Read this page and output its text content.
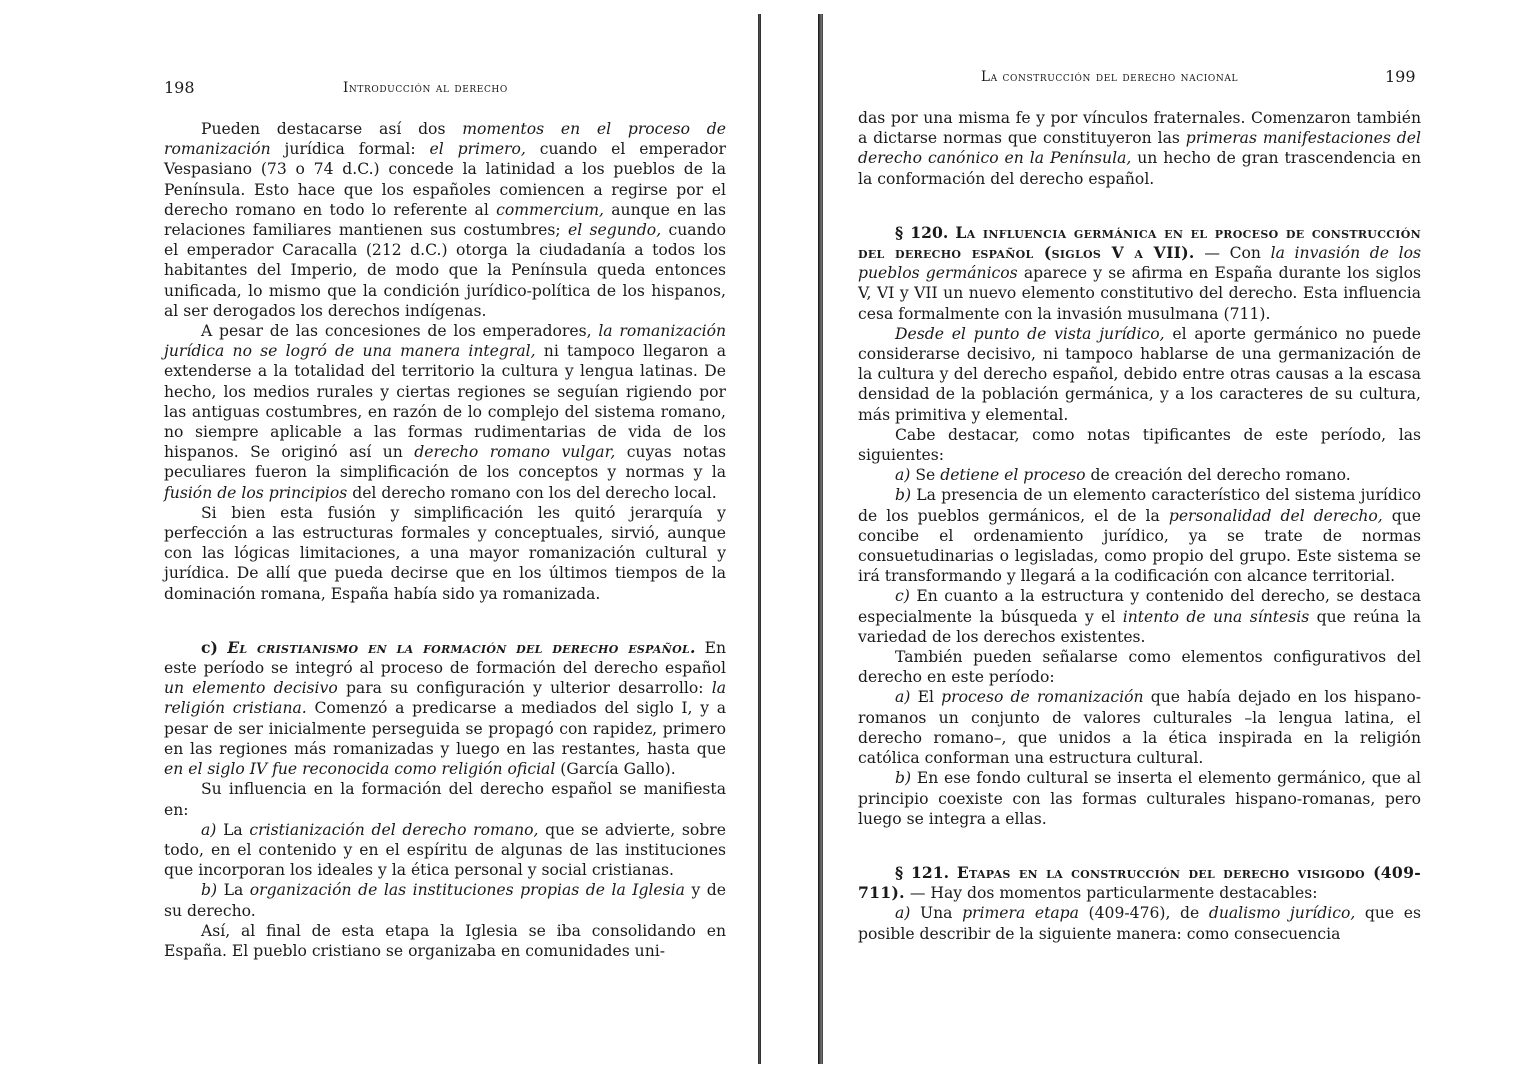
198	Introducción al derecho

Pueden destacarse así dos momentos en el proceso de romanización jurídica formal: el primero, cuando el emperador Vespasiano (73 o 74 d.C.) concede la latinidad a los pueblos de la Península. Esto hace que los españoles comiencen a regirse por el derecho romano en todo lo referente al commercium, aunque en las relaciones familiares mantienen sus costumbres; el segundo, cuando el emperador Caracalla (212 d.C.) otorga la ciudadanía a todos los habitantes del Imperio, de modo que la Península queda entonces unificada, lo mismo que la condición jurídico-política de los hispanos, al ser derogados los derechos indígenas.

A pesar de las concesiones de los emperadores, la romanización jurídica no se logró de una manera integral, ni tampoco llegaron a extenderse a la totalidad del territorio la cultura y lengua latinas. De hecho, los medios rurales y ciertas regiones se seguían rigiendo por las antiguas costumbres, en razón de lo complejo del sistema romano, no siempre aplicable a las formas rudimentarias de vida de los hispanos. Se originó así un derecho romano vulgar, cuyas notas peculiares fueron la simplificación de los conceptos y normas y la fusión de los principios del derecho romano con los del derecho local.

Si bien esta fusión y simplificación les quitó jerarquía y perfección a las estructuras formales y conceptuales, sirvió, aunque con las lógicas limitaciones, a una mayor romanización cultural y jurídica. De allí que pueda decirse que en los últimos tiempos de la dominación romana, España había sido ya romanizada.

c) El cristianismo en la formación del derecho español. En este período se integró al proceso de formación del derecho español un elemento decisivo para su configuración y ulterior desarrollo: la religión cristiana. Comenzó a predicarse a mediados del siglo I, y a pesar de ser inicialmente perseguida se propagó con rapidez, primero en las regiones más romanizadas y luego en las restantes, hasta que en el siglo IV fue reconocida como religión oficial (García Gallo).

Su influencia en la formación del derecho español se manifiesta en:

a) La cristianización del derecho romano, que se advierte, sobre todo, en el contenido y en el espíritu de algunas de las instituciones que incorporan los ideales y la ética personal y social cristianas.

b) La organización de las instituciones propias de la Iglesia y de su derecho.

Así, al final de esta etapa la Iglesia se iba consolidando en España. El pueblo cristiano se organizaba en comunidades uni-

La construcción del derecho nacional	199

das por una misma fe y por vínculos fraternales. Comenzaron también a dictarse normas que constituyeron las primeras manifestaciones del derecho canónico en la Península, un hecho de gran trascendencia en la conformación del derecho español.

§ 120. La influencia germánica en el proceso de construcción del derecho español (siglos V a VII). — Con la invasión de los pueblos germánicos aparece y se afirma en España durante los siglos V, VI y VII un nuevo elemento constitutivo del derecho. Esta influencia cesa formalmente con la invasión musulmana (711).

Desde el punto de vista jurídico, el aporte germánico no puede considerarse decisivo, ni tampoco hablarse de una germanización de la cultura y del derecho español, debido entre otras causas a la escasa densidad de la población germánica, y a los caracteres de su cultura, más primitiva y elemental.

Cabe destacar, como notas tipificantes de este período, las siguientes:

a) Se detiene el proceso de creación del derecho romano.

b) La presencia de un elemento característico del sistema jurídico de los pueblos germánicos, el de la personalidad del derecho, que concibe el ordenamiento jurídico, ya se trate de normas consuetudinarias o legisladas, como propio del grupo. Este sistema se irá transformando y llegará a la codificación con alcance territorial.

c) En cuanto a la estructura y contenido del derecho, se destaca especialmente la búsqueda y el intento de una síntesis que reúna la variedad de los derechos existentes.

También pueden señalarse como elementos configurativos del derecho en este período:

a) El proceso de romanización que había dejado en los hispano-romanos un conjunto de valores culturales –la lengua latina, el derecho romano–, que unidos a la ética inspirada en la religión católica conforman una estructura cultural.

b) En ese fondo cultural se inserta el elemento germánico, que al principio coexiste con las formas culturales hispano-romanas, pero luego se integra a ellas.

§ 121. Etapas en la construcción del derecho visigodo (409-711). — Hay dos momentos particularmente destacables:

a) Una primera etapa (409-476), de dualismo jurídico, que es posible describir de la siguiente manera: como consecuencia
